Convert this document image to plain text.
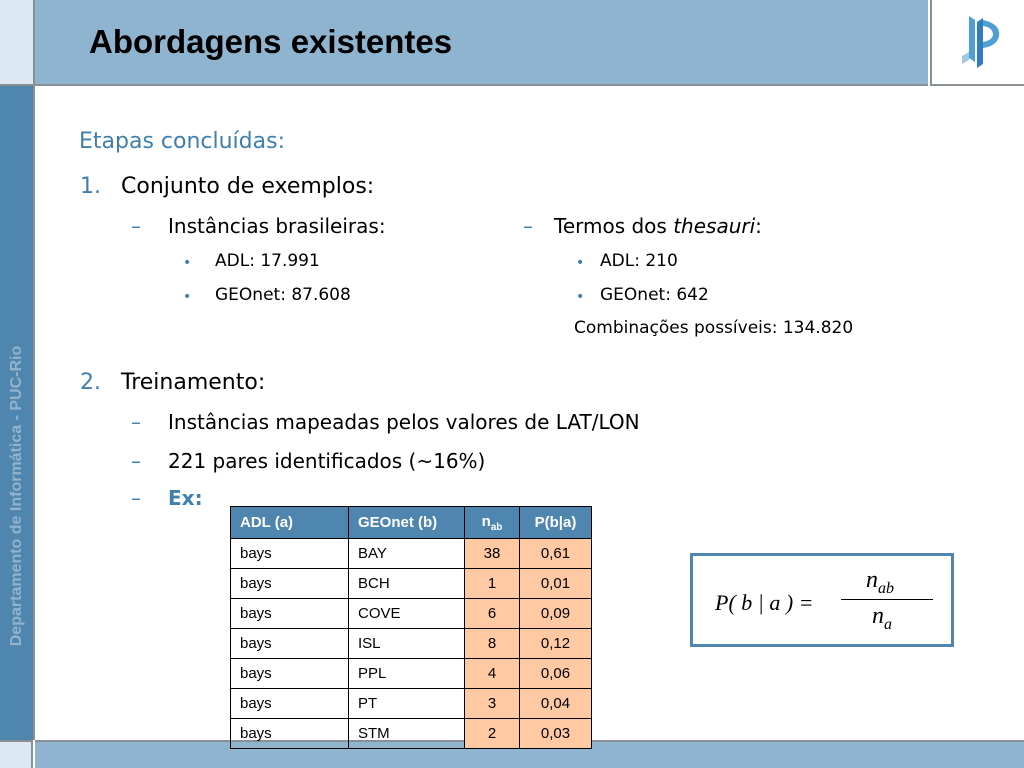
Abordagens existentes
Departamento de Informática - PUC-Rio
Etapas concluídas:
1. Conjunto de exemplos:
– Instâncias brasileiras:
• ADL: 17.991
• GEOnet: 87.608
– Termos dos thesauri:
• ADL: 210
• GEOnet: 642
Combinações possíveis: 134.820
2. Treinamento:
– Instâncias mapeadas pelos valores de LAT/LON
– 221 pares identificados (~16%)
– Ex:
ADL (a)	GEOnet (b)	$n_{ab}$	P(b|a)
bays	BAY	38	0,61
bays	BCH	1	0,01
bays	COVE	6	0,09
bays	ISL	8	0,12
bays	PPL	4	0,06
bays	PT	3	0,04
bays	STM	2	0,03
P( b | a ) =
$n_{ab}$
$n_a$
